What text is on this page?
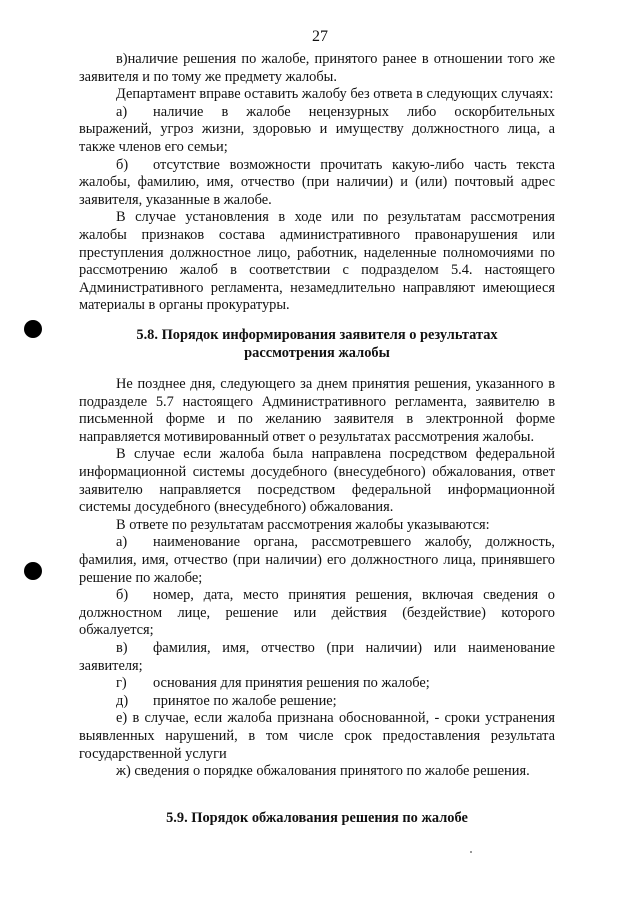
27

в)наличие решения по жалобе, принятого ранее в отношении того же заявителя и по тому же предмету жалобы.

Департамент вправе оставить жалобу без ответа в следующих случаях:

а) наличие в жалобе нецензурных либо оскорбительных выражений, угроз жизни, здоровью и имуществу должностного лица, а также членов его семьи;

б) отсутствие возможности прочитать какую-либо часть текста жалобы, фамилию, имя, отчество (при наличии) и (или) почтовый адрес заявителя, указанные в жалобе.

В случае установления в ходе или по результатам рассмотрения жалобы признаков состава административного правонарушения или преступления должностное лицо, работник, наделенные полномочиями по рассмотрению жалоб в соответствии с подразделом 5.4. настоящего Административного регламента, незамедлительно направляют имеющиеся материалы в органы прокуратуры.

5.8. Порядок информирования заявителя о результатах
рассмотрения жалобы

Не позднее дня, следующего за днем принятия решения, указанного в подразделе 5.7 настоящего Административного регламента, заявителю в письменной форме и по желанию заявителя в электронной форме направляется мотивированный ответ о результатах рассмотрения жалобы.

В случае если жалоба была направлена посредством федеральной информационной системы досудебного (внесудебного) обжалования, ответ заявителю направляется посредством федеральной информационной системы досудебного (внесудебного) обжалования.

В ответе по результатам рассмотрения жалобы указываются:

а) наименование органа, рассмотревшего жалобу, должность, фамилия, имя, отчество (при наличии) его должностного лица, принявшего решение по жалобе;

б) номер, дата, место принятия решения, включая сведения о должностном лице, решение или действия (бездействие) которого обжалуется;

в) фамилия, имя, отчество (при наличии) или наименование заявителя;

г) основания для принятия решения по жалобе;

д) принятое по жалобе решение;

е) в случае, если жалоба признана обоснованной, - сроки устранения выявленных нарушений, в том числе срок предоставления результата государственной услуги

ж) сведения о порядке обжалования принятого по жалобе решения.

5.9. Порядок обжалования решения по жалобе
